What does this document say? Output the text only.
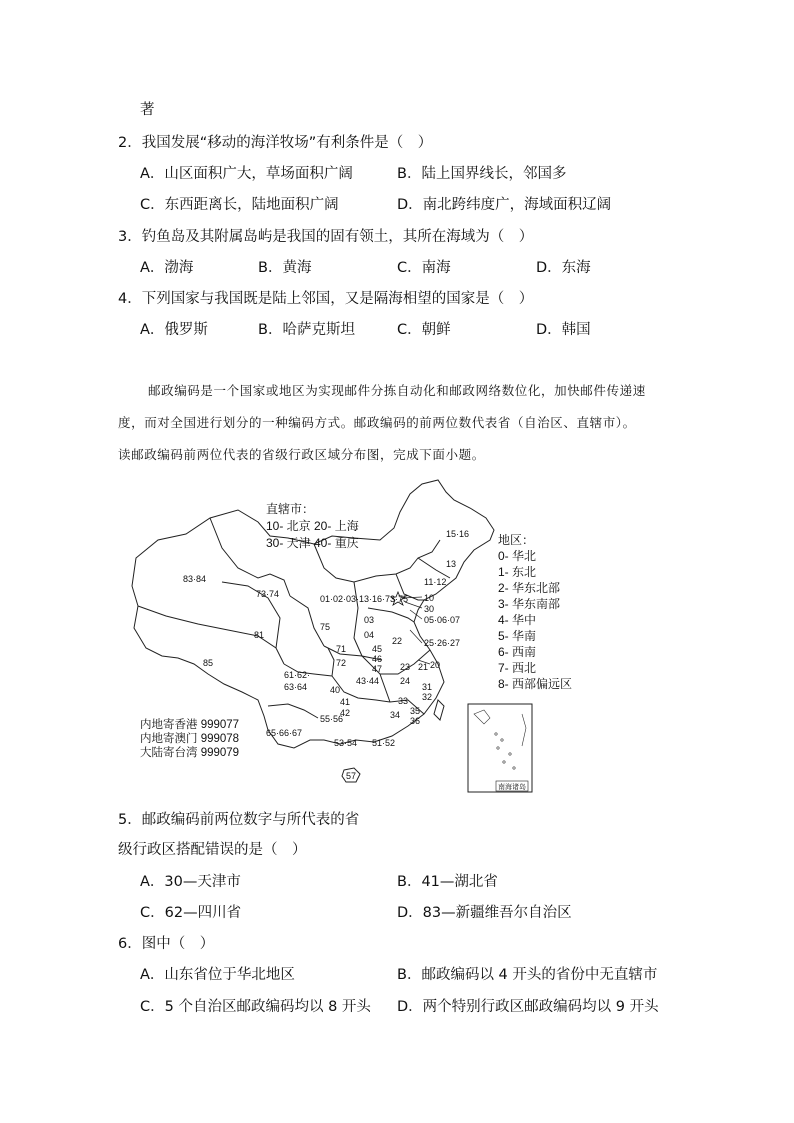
著
2．我国发展“移动的海洋牧场”有利条件是（　）
A．山区面积广大，草场面积广阔	B．陆上国界线长，邻国多
C．东西距离长，陆地面积广阔	D．南北跨纬度广，海域面积辽阔
3．钓鱼岛及其附属岛屿是我国的固有领土，其所在海域为（　）
A．渤海	B．黄海	C．南海	D．东海
4．下列国家与我国既是陆上邻国，又是隔海相望的国家是（　）
A．俄罗斯	B．哈萨克斯坦	C．朝鲜	D．韩国
邮政编码是一个国家或地区为实现邮件分拣自动化和邮政网络数位化，加快邮件传递速
度，而对全国进行划分的一种编码方式。邮政编码的前两位数代表省（自治区、直辖市）。
读邮政编码前两位代表的省级行政区域分布图，完成下面小题。
南海诸岛
直辖市：
10- 北京 20- 上海
30- 天津 40- 重庆	地区：
0- 华北
1- 东北
2- 华东北部
3- 华东南部
4- 华中
5- 华南
6- 西南
7- 西北
8- 西部偏远区
内地寄香港 999077
内地寄澳门 999078
大陆寄台湾 999079
83·84
73·74	01·02·03·13·16·73·75
15·16
13
11·12
10
30
05·06·07
25·26·27
03
04
75
71
72
81
85
45
46
47
22
23 20
21
61·62·
63·64	40
43·44 24
31
32
41
42
33
34 35
36
55·56
65·66·67
53·54 51·52
57
5．邮政编码前两位数字与所代表的省
级行政区搭配错误的是（　）
A．30—天津市	B．41—湖北省
C．62—四川省	D．83—新疆维吾尔自治区
6．图中（　）
A．山东省位于华北地区	B．邮政编码以 4 开头的省份中无直辖市
C．5 个自治区邮政编码均以 8 开头 D．两个特别行政区邮政编码均以 9 开头
